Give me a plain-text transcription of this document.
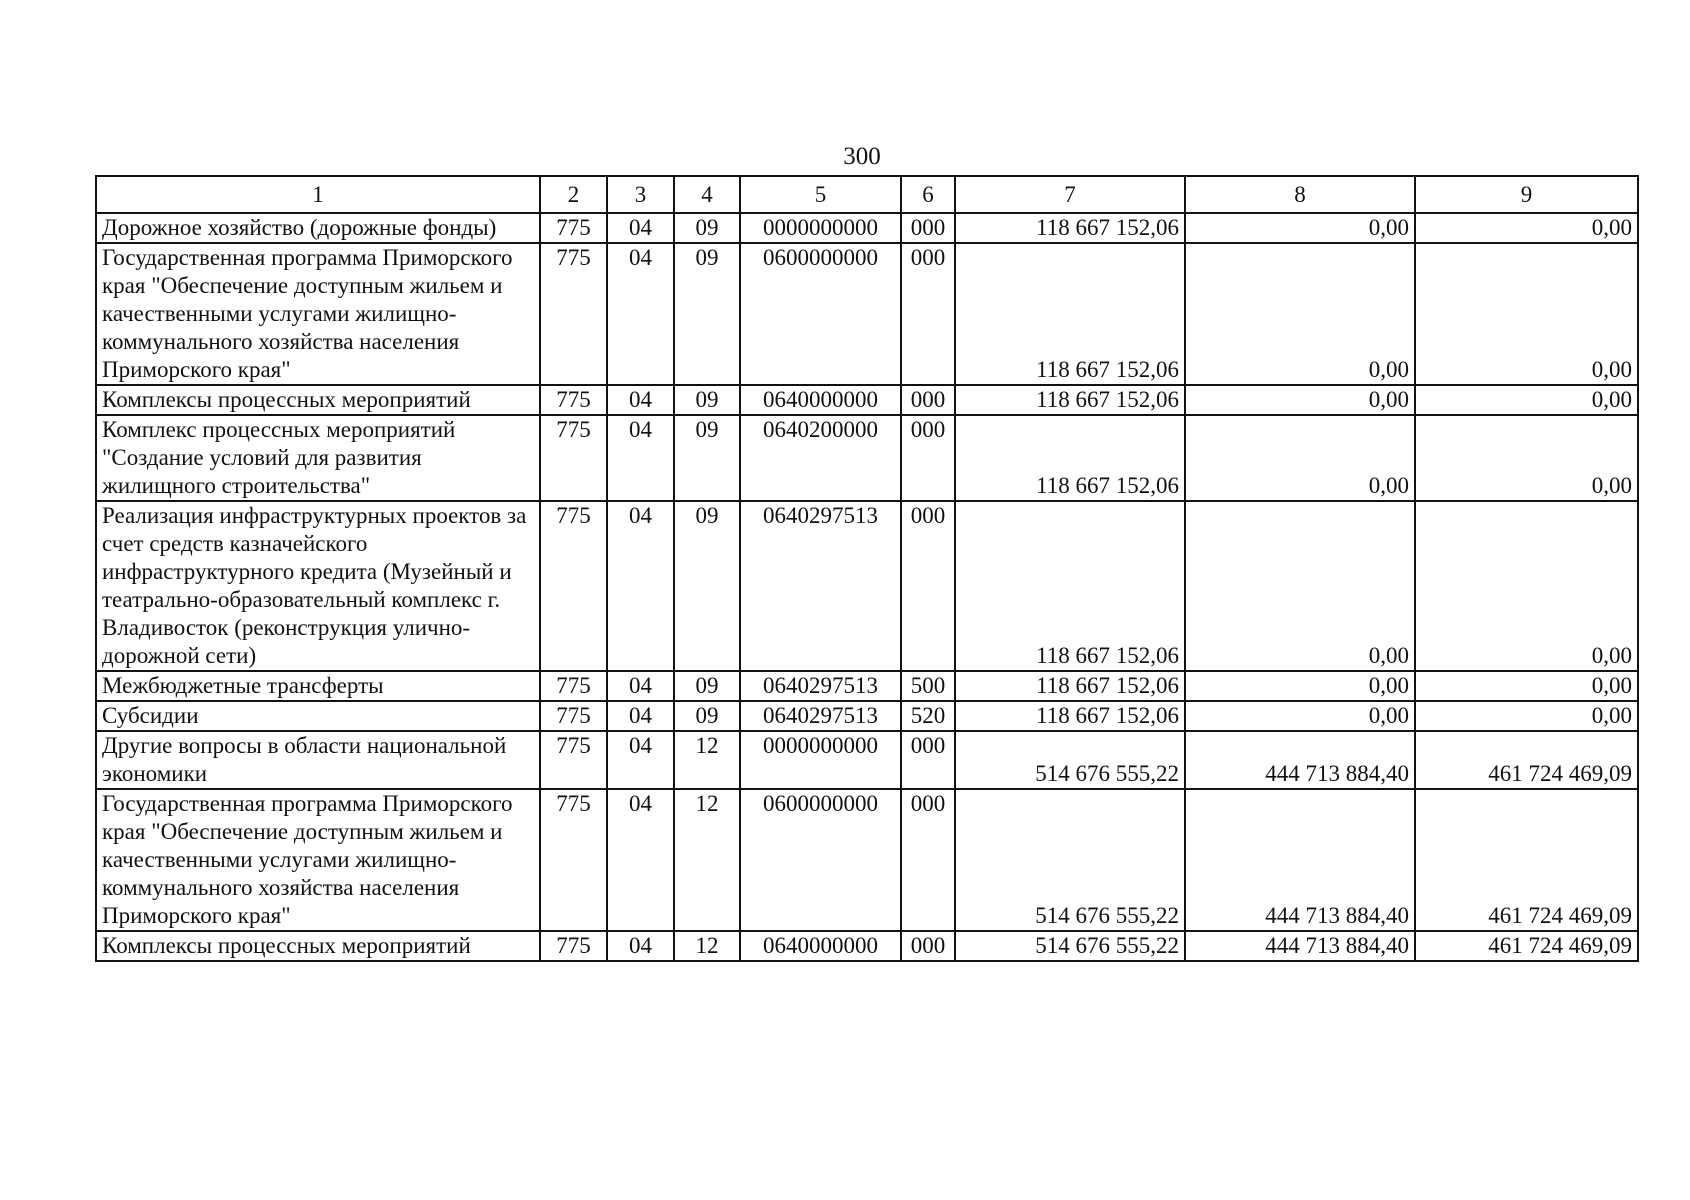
300
1	2	3	4	5	6	7	8	9
Дорожное хозяйство (дорожные фонды)	775	04	09	0000000000	000	118 667 152,06	0,00	0,00
Государственная программа Приморского края "Обеспечение доступным жильем и качественными услугами жилищно-коммунального хозяйства населения Приморского края"	775	04	09	0600000000	000	118 667 152,06	0,00	0,00
Комплексы процессных мероприятий	775	04	09	0640000000	000	118 667 152,06	0,00	0,00
Комплекс процессных мероприятий "Создание условий для развития жилищного строительства"	775	04	09	0640200000	000	118 667 152,06	0,00	0,00
Реализация инфраструктурных проектов за счет средств казначейского инфраструктурного кредита (Музейный и театрально-образовательный комплекс г. Владивосток (реконструкция улично-дорожной сети)	775	04	09	0640297513	000	118 667 152,06	0,00	0,00
Межбюджетные трансферты	775	04	09	0640297513	500	118 667 152,06	0,00	0,00
Субсидии	775	04	09	0640297513	520	118 667 152,06	0,00	0,00
Другие вопросы в области национальной экономики	775	04	12	0000000000	000	514 676 555,22	444 713 884,40	461 724 469,09
Государственная программа Приморского края "Обеспечение доступным жильем и качественными услугами жилищно-коммунального хозяйства населения Приморского края"	775	04	12	0600000000	000	514 676 555,22	444 713 884,40	461 724 469,09
Комплексы процессных мероприятий	775	04	12	0640000000	000	514 676 555,22	444 713 884,40	461 724 469,09
